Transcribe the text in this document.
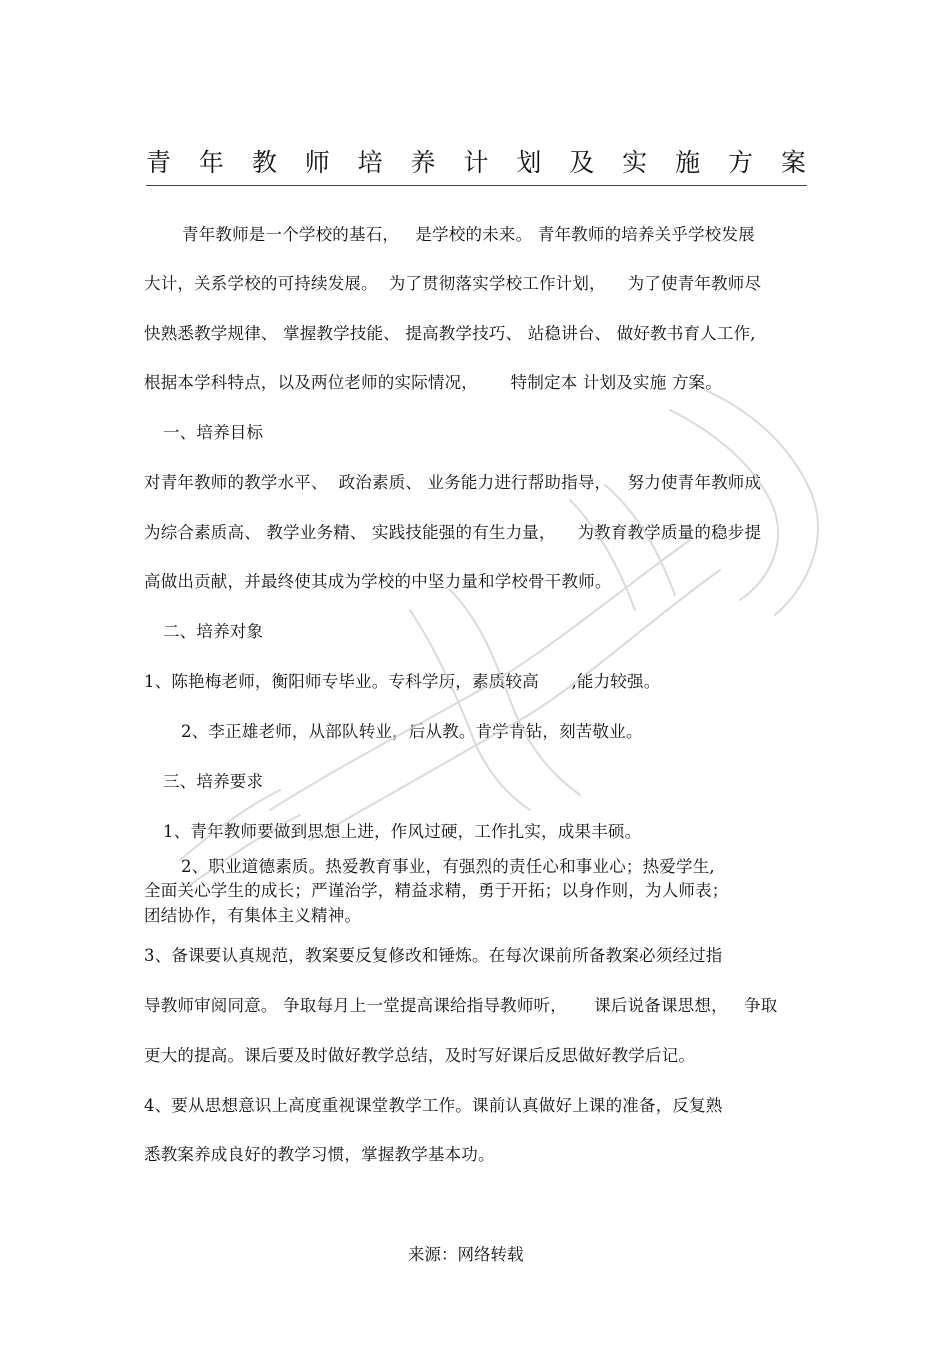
青 年 教 师 培 养 计 划 及 实 施 方 案
青年教师是一个学校的基石，   是学校的未来。 青年教师的培养关乎学校发展
大计，关系学校的可持续发展。  为了贯彻落实学校工作计划，    为了使青年教师尽
快熟悉教学规律、 掌握教学技能、 提高教学技巧、 站稳讲台、 做好教书育人工作,
根据本学科特点，以及两位老师的实际情况，      特制定本 计划及实施 方案。
一、培养目标
对青年教师的教学水平、  政治素质、 业务能力进行帮助指导，   努力使青年教师成
为综合素质高、 教学业务精、 实践技能强的有生力量，    为教育教学质量的稳步提
高做出贡献，并最终使其成为学校的中坚力量和学校骨干教师。
二、培养对象
1、陈艳梅老师，衡阳师专毕业。专科学历，素质较高      ,能力较强。
2、李正雄老师，从部队转业，后从教。肯学肯钻，刻苦敬业。
三、培养要求
1、青年教师要做到思想上进，作风过硬，工作扎实，成果丰硕。
2、职业道德素质。热爱教育事业，有强烈的责任心和事业心；热爱学生,
全面关心学生的成长；严谨治学，精益求精，勇于开拓；以身作则，为人师表；
团结协作，有集体主义精神。
3、备课要认真规范，教案要反复修改和锤炼。在每次课前所备教案必须经过指
导教师审阅同意。 争取每月上一堂提高课给指导教师听，     课后说备课思想，   争取
更大的提高。课后要及时做好教学总结，及时写好课后反思做好教学后记。
4、要从思想意识上高度重视课堂教学工作。课前认真做好上课的准备，反复熟
悉教案养成良好的教学习惯，掌握教学基本功。
来源：网络转载
